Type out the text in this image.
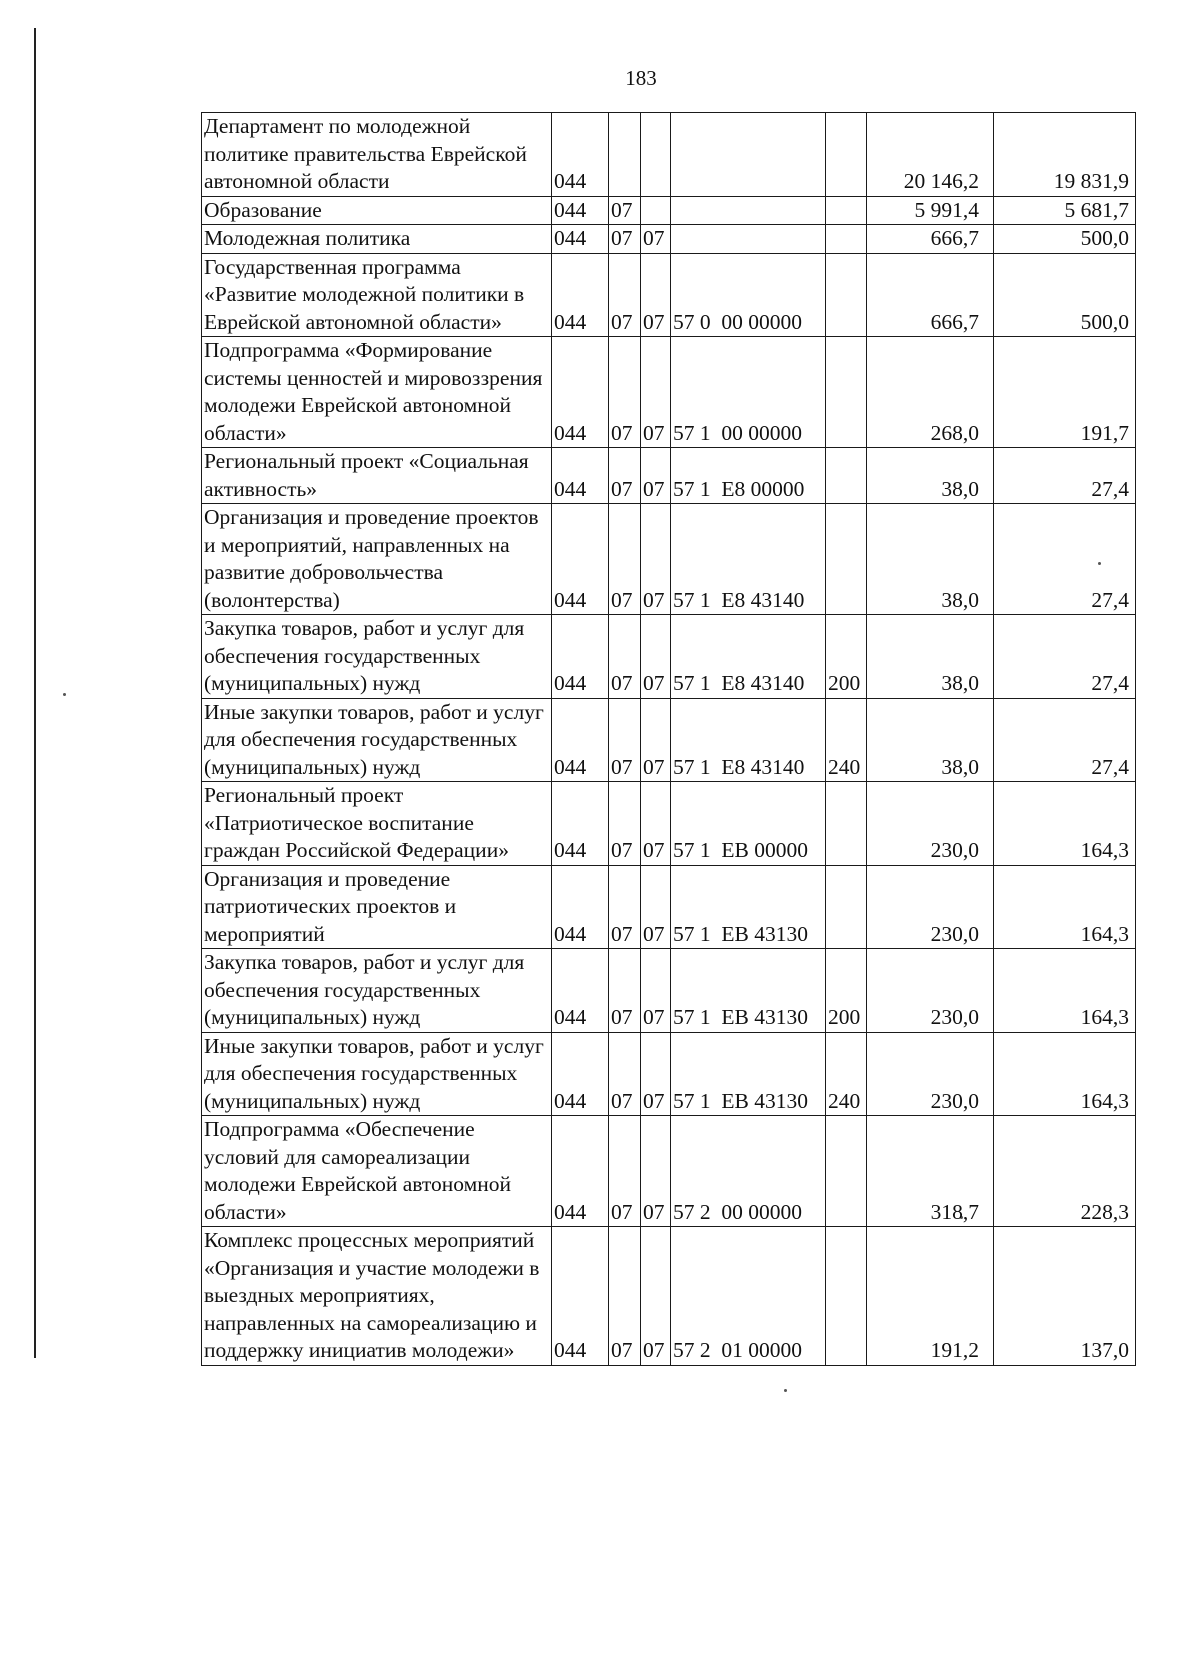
183
Департамент по молодежной политике правительства Еврейской автономной области	044					20 146,2	19 831,9
Образование	044	07				5 991,4	5 681,7
Молодежная политика	044	07	07			666,7	500,0
Государственная программа «Развитие молодежной политики в Еврейской автономной области»	044	07	07	57 0  00 00000		666,7	500,0
Подпрограмма «Формирование системы ценностей и мировоззрения молодежи Еврейской автономной области»	044	07	07	57 1  00 00000		268,0	191,7
Региональный проект «Социальная активность»	044	07	07	57 1  E8 00000		38,0	27,4
Организация и проведение проектов и мероприятий, направленных на развитие добровольчества (волонтерства)	044	07	07	57 1  E8 43140		38,0	27,4
Закупка товаров, работ и услуг для обеспечения государственных (муниципальных) нужд	044	07	07	57 1  E8 43140	200	38,0	27,4
Иные закупки товаров, работ и услуг для обеспечения государственных (муниципальных) нужд	044	07	07	57 1  E8 43140	240	38,0	27,4
Региональный проект «Патриотическое воспитание граждан Российской Федерации»	044	07	07	57 1  EB 00000		230,0	164,3
Организация и проведение патриотических проектов и мероприятий	044	07	07	57 1  EB 43130		230,0	164,3
Закупка товаров, работ и услуг для обеспечения государственных (муниципальных) нужд	044	07	07	57 1  EB 43130	200	230,0	164,3
Иные закупки товаров, работ и услуг для обеспечения государственных (муниципальных) нужд	044	07	07	57 1  EB 43130	240	230,0	164,3
Подпрограмма «Обеспечение условий для самореализации молодежи Еврейской автономной области»	044	07	07	57 2  00 00000		318,7	228,3
Комплекс процессных мероприятий «Организация и участие молодежи в выездных мероприятиях, направленных на самореализацию и поддержку инициатив молодежи»	044	07	07	57 2  01 00000		191,2	137,0
